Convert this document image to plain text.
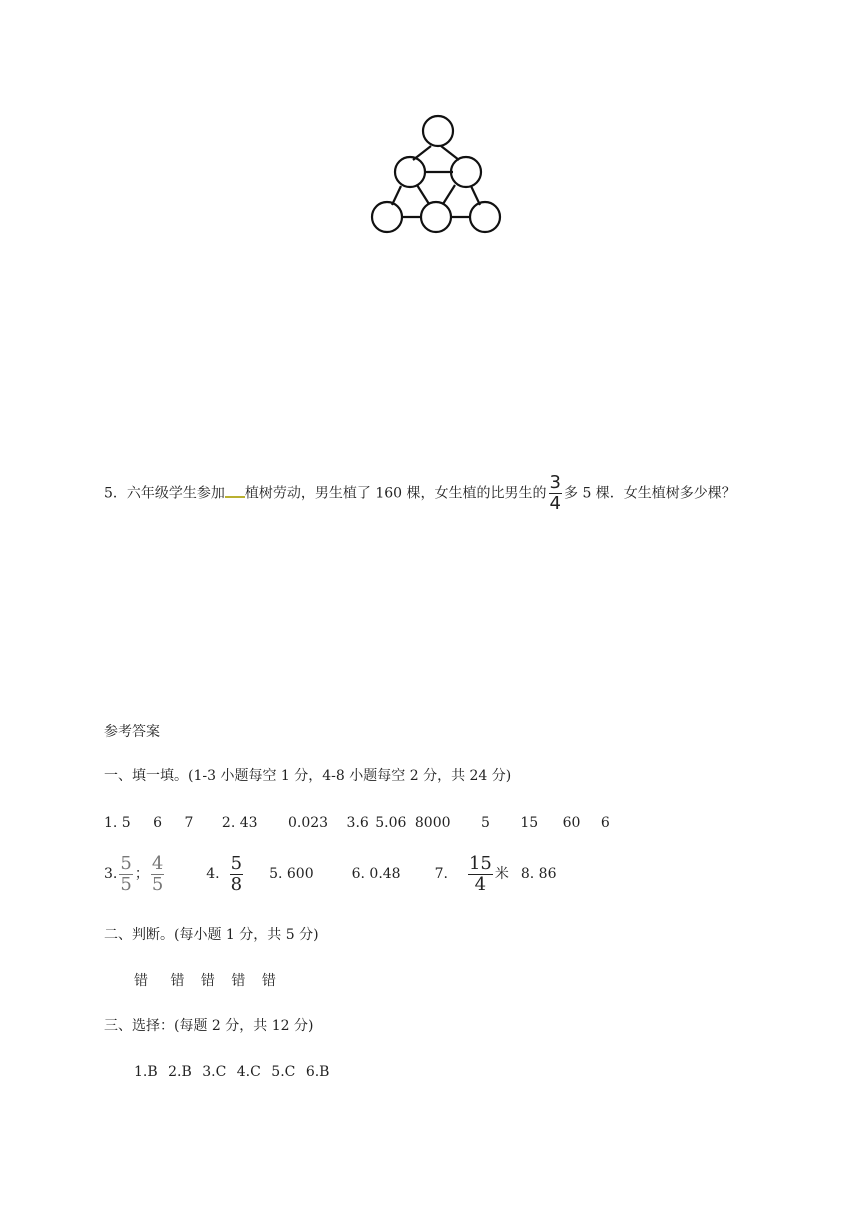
5．六年级学生参加 植树劳动，男生植了 160 棵，女生植的比男生的 $\frac{3}{4}$ 多 5 棵．女生植树多少棵？
参考答案
一、填一填。(1-3 小题每空 1 分，4-8 小题每空 2 分，共 24 分)
1. 5 6 7 2. 43 0.023 3.6 5.06 8000 5 15 60 6
3. $\frac{5}{5}$ ； $\frac{4}{5}$	4. $\frac{5}{8} 5$. 600	6. 0.48 7. $\frac{15}{4}$ 米 8. 86
二、判断。(每小题 1 分，共 5 分)
错 错 错 错 错
三、选择：(每题 2 分，共 12 分)
1.B 2.B 3.C 4.C 5.C 6.B
